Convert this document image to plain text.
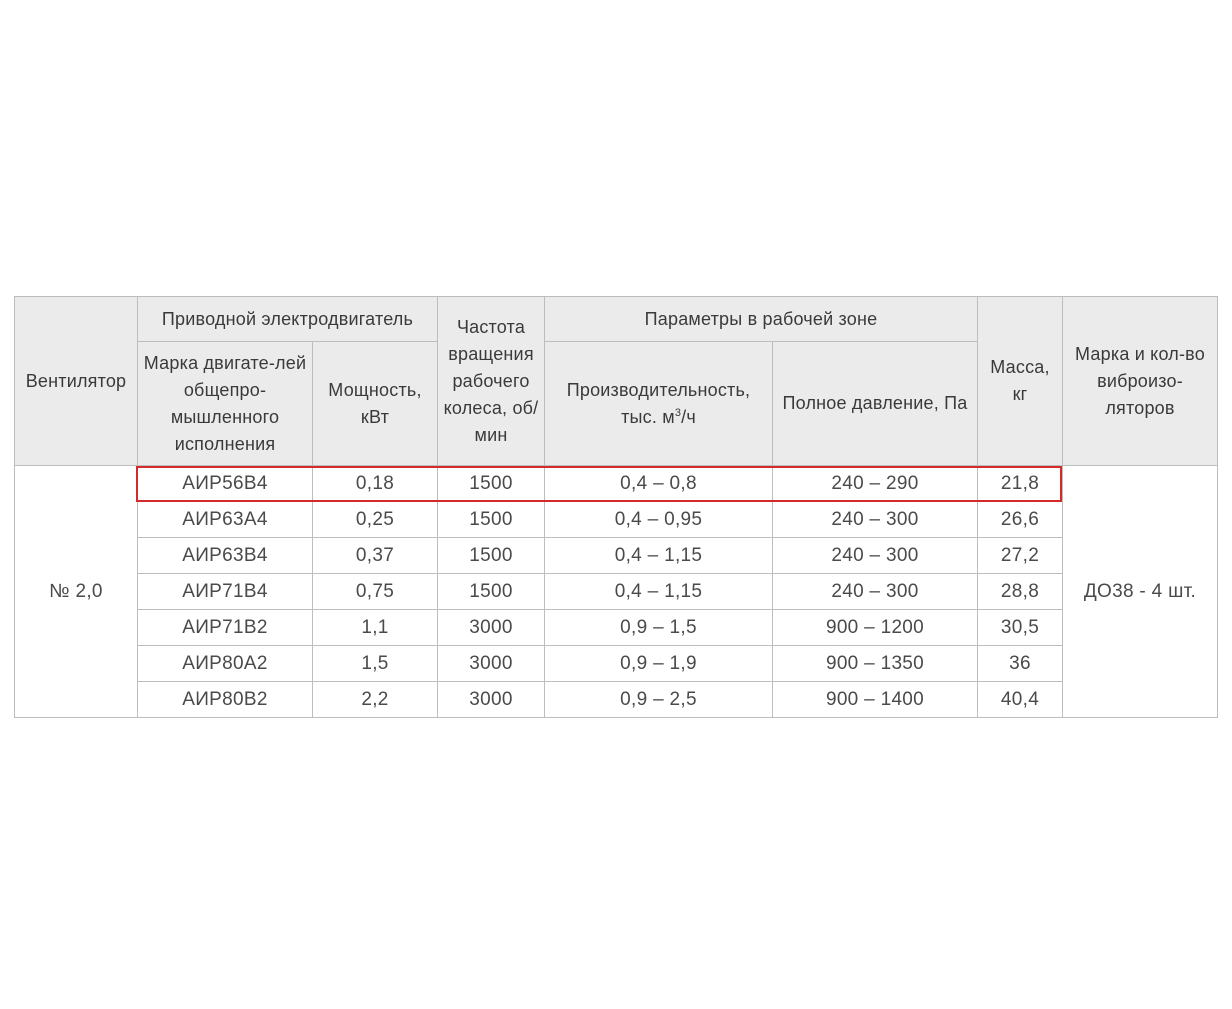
Вентилятор	Приводной электродвигатель		Частота вращения рабочего колеса, об/мин	Параметры в рабочей зоне		Масса, кг	Марка и кол-во виброизо-ляторов
	Марка двигате-лей общепро-мышленного исполнения	Мощность, кВт		Производительность, тыс. $м^3/ч$	Полное давление, Па		
№ 2,0	АИР56В4	0,18	1500	0,4 – 0,8	240 – 290	21,8	ДО38 - 4 шт.
	АИР63А4	0,25	1500	0,4 – 0,95	240 – 300	26,6	
	АИР63В4	0,37	1500	0,4 – 1,15	240 – 300	27,2	
	АИР71В4	0,75	1500	0,4 – 1,15	240 – 300	28,8	
	АИР71В2	1,1	3000	0,9 – 1,5	900 – 1200	30,5	
	АИР80А2	1,5	3000	0,9 – 1,9	900 – 1350	36	
	АИР80В2	2,2	3000	0,9 – 2,5	900 – 1400	40,4	
